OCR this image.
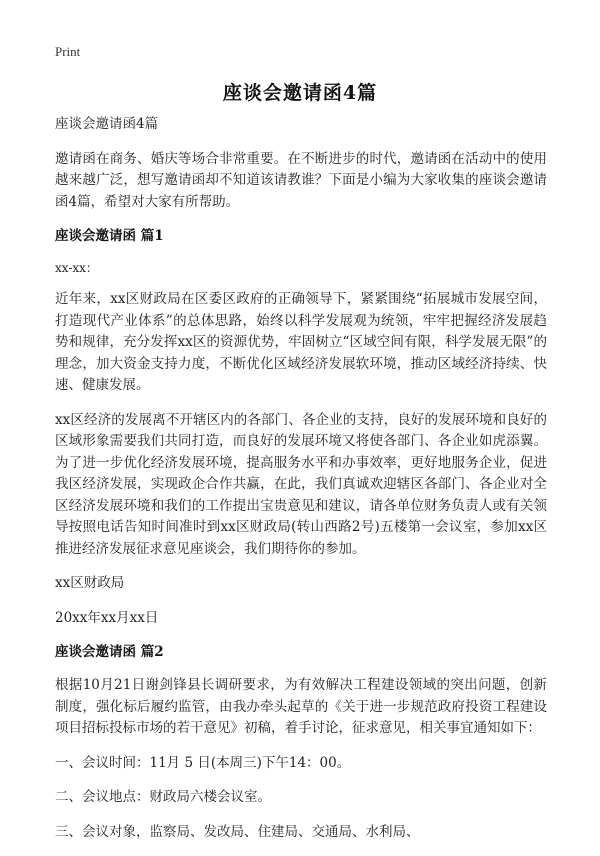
Print
座谈会邀请函4篇

座谈会邀请函4篇

邀请函在商务、婚庆等场合非常重要。在不断进步的时代，邀请函在活动中的使用越来越广泛，想写邀请函却不知道该请教谁？下面是小编为大家收集的座谈会邀请函4篇，希望对大家有所帮助。

座谈会邀请函 篇1

xx-xx：

近年来，xx区财政局在区委区政府的正确领导下，紧紧围绕“拓展城市发展空间，打造现代产业体系”的总体思路，始终以科学发展观为统领，牢牢把握经济发展趋势和规律，充分发挥xx区的资源优势，牢固树立“区域空间有限，科学发展无限”的理念，加大资金支持力度，不断优化区域经济发展软环境，推动区域经济持续、快速、健康发展。

xx区经济的发展离不开辖区内的各部门、各企业的支持，良好的发展环境和良好的区域形象需要我们共同打造，而良好的发展环境又将使各部门、各企业如虎添翼。为了进一步优化经济发展环境，提高服务水平和办事效率，更好地服务企业，促进我区经济发展，实现政企合作共赢，在此，我们真诚欢迎辖区各部门、各企业对全区经济发展环境和我们的工作提出宝贵意见和建议，请各单位财务负责人或有关领导按照电话告知时间准时到xx区财政局(转山西路2号)五楼第一会议室，参加xx区推进经济发展征求意见座谈会，我们期待你的参加。

xx区财政局

20xx年xx月xx日

座谈会邀请函 篇2

根据10月21日谢剑锋县长调研要求，为有效解决工程建设领域的突出问题，创新制度，强化标后履约监管，由我办牵头起草的《关于进一步规范政府投资工程建设项目招标投标市场的若干意见》初稿，着手讨论，征求意见，相关事宜通知如下：

一、会议时间：11月 5 日(本周三)下午14：00。

二、会议地点：财政局六楼会议室。

三、会议对象，监察局、发改局、住建局、交通局、水利局、
